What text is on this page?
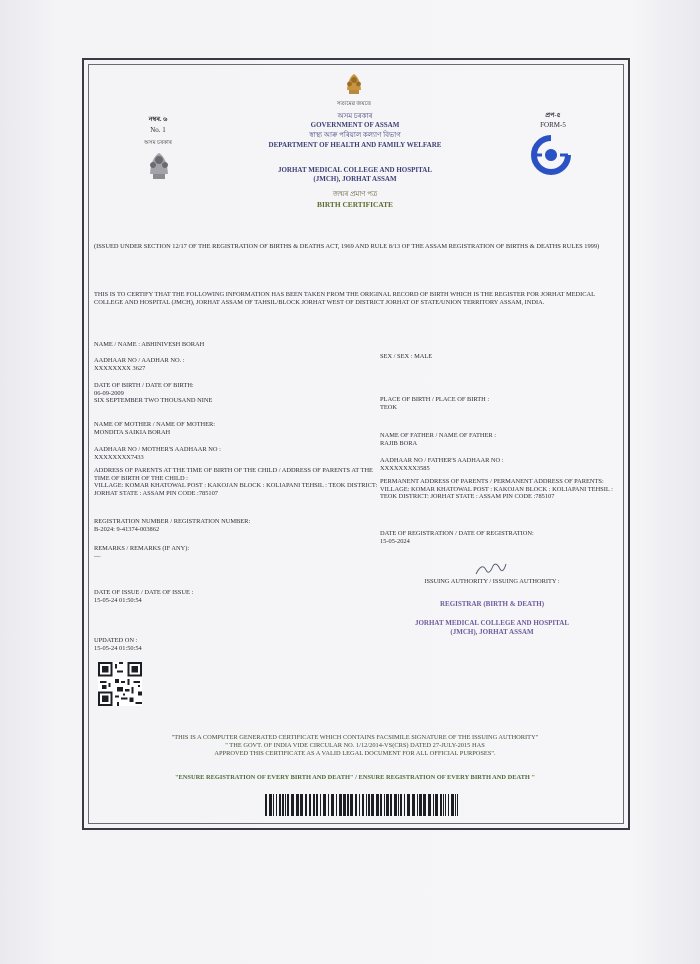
সত্যমেৱ জয়তে
নম্বৰ. ৬
No. 1
অসম চৰকাৰ
প্ৰপ-৫
FORM-5
অসম চৰকাৰ
GOVERNMENT OF ASSAM
স্বাস্থ্য আৰু পৰিয়াল কল্যাণ বিভাগ
DEPARTMENT OF HEALTH AND FAMILY WELFARE
JORHAT MEDICAL COLLEGE AND HOSPITAL
(JMCH), JORHAT ASSAM
জন্মৰ প্ৰমাণ পত্ৰ
BIRTH CERTIFICATE
(ISSUED UNDER SECTION 12/17 OF THE REGISTRATION OF BIRTHS & DEATHS ACT, 1969 AND RULE 8/13 OF THE ASSAM REGISTRATION OF BIRTHS & DEATHS RULES 1999)
THIS IS TO CERTIFY THAT THE FOLLOWING INFORMATION HAS BEEN TAKEN FROM THE ORIGINAL RECORD OF BIRTH WHICH IS THE REGISTER FOR JORHAT MEDICAL COLLEGE AND HOSPITAL (JMCH), JORHAT ASSAM OF TAHSIL/BLOCK JORHAT WEST OF DISTRICT JORHAT OF STATE/UNION TERRITORY ASSAM, INDIA.
NAME / NAME : ABHINIVESH BORAH
AADHAAR NO / AADHAR NO. :
XXXXXXXX 3627
DATE OF BIRTH / DATE OF BIRTH:
06-09-2009
SIX SEPTEMBER TWO THOUSAND NINE
NAME OF MOTHER / NAME OF MOTHER:
MONDITA SAIKIA BORAH
AADHAAR NO / MOTHER'S AADHAAR NO :
XXXXXXXX7433
ADDRESS OF PARENTS AT THE TIME OF BIRTH OF THE CHILD / ADDRESS OF PARENTS AT THE TIME OF BIRTH OF THE CHILD :
VILLAGE: KOMAR KHATOWAL POST : KAKOJAN BLOCK : KOLIAPANI TEHSIL : TEOK DISTRICT: JORHAT STATE : ASSAM PIN CODE :785107
REGISTRATION NUMBER / REGISTRATION NUMBER:
B-2024: 9-41374-003862
REMARKS / REMARKS (IF ANY):
—
DATE OF ISSUE / DATE OF ISSUE :
15-05-24 01:50:54
UPDATED ON :
15-05-24 01:50:54
SEX / SEX : MALE
PLACE OF BIRTH / PLACE OF BIRTH :
TEOK
NAME OF FATHER / NAME OF FATHER :
RAJIB BORA
AADHAAR NO / FATHER'S AADHAAR NO :
XXXXXXXX3585
PERMANENT ADDRESS OF PARENTS / PERMANENT ADDRESS OF PARENTS:
VILLAGE: KOMAR KHATOWAL POST : KAKOJAN BLOCK : KOLIAPANI TEHSIL : TEOK DISTRICT: JORHAT STATE : ASSAM PIN CODE :785107
DATE OF REGISTRATION / DATE OF REGISTRATION:
15-05-2024
ISSUING AUTHORITY / ISSUING AUTHORITY :
REGISTRAR (BIRTH & DEATH)
JORHAT MEDICAL COLLEGE AND HOSPITAL
(JMCH), JORHAT ASSAM
"THIS IS A COMPUTER GENERATED CERTIFICATE WHICH CONTAINS FACSIMILE SIGNATURE OF THE ISSUING AUTHORITY"
" THE GOVT. OF INDIA VIDE CIRCULAR NO. 1/12/2014-VS(CRS) DATED 27-JULY-2015 HAS
APPROVED THIS CERTIFICATE AS A VALID LEGAL DOCUMENT FOR ALL OFFICIAL PURPOSES".
"ENSURE REGISTRATION OF EVERY BIRTH AND DEATH" / ENSURE REGISTRATION OF EVERY BIRTH AND DEATH "
